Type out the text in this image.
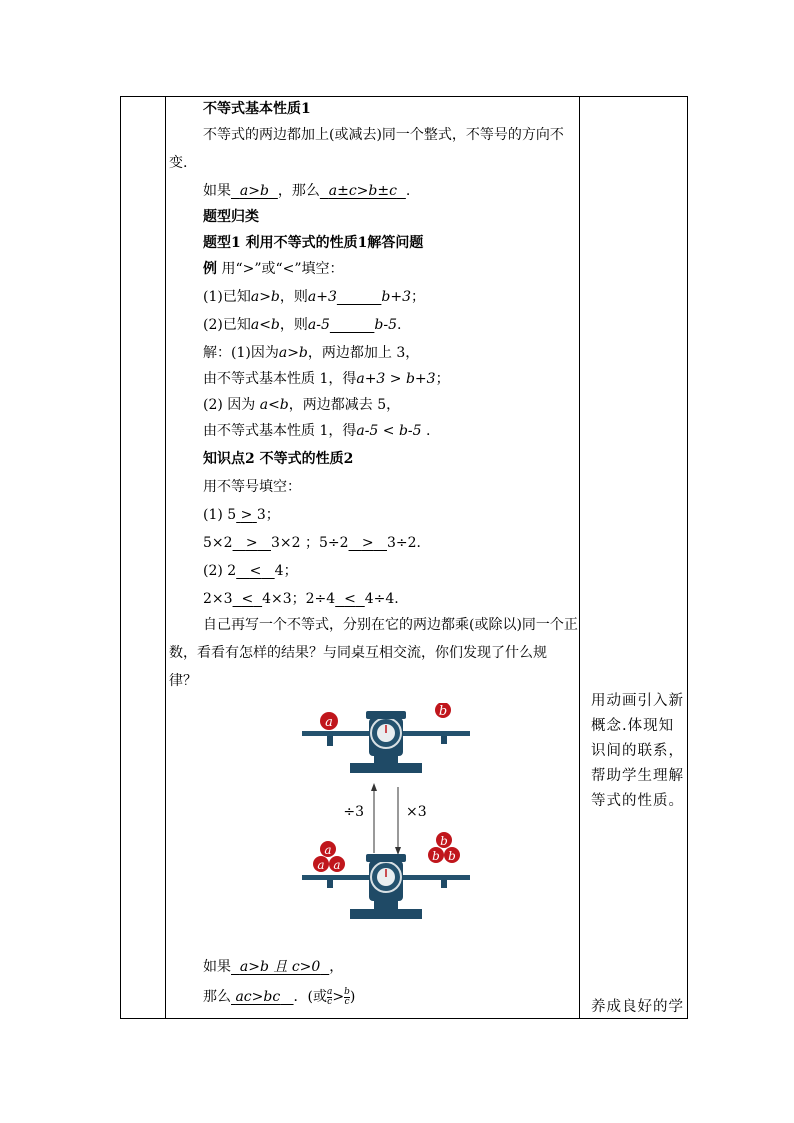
不等式基本性质1
不等式的两边都加上(或减去)同一个整式，不等号的方向不
变.
如果 a>b ，那么 a±c>b±c .
题型归类
题型1 利用不等式的性质1解答问题
例 用“>”或“<”填空：
(1)已知a>b，则a+3	b+3；
(2)已知a<b，则a-5	b-5.
解：(1)因为a>b，两边都加上 3，
由不等式基本性质 1，得a+3 > b+3；
(2) 因为 a<b，两边都减去 5，
由不等式基本性质 1，得a-5 < b-5 .
知识点2 不等式的性质2
用不等号填空：
(1) 5 > 3；
5×2 > 3×2 ；5÷2 > 3÷2．
(2) 2 < 4；
2×3 < 4×3；2÷4 < 4÷4.
自己再写一个不等式，分别在它的两边都乘(或除以)同一个正
数，看看有怎样的结果？与同桌互相交流，你们发现了什么规
律？
a
b
÷3	×3
a
a a
b
b b
如果 a>b 且 c>0 ，
那么 ac>bc ．(或 $\frac{a}{c} > \frac{b}{c}$ )
用动画引入新概念.体现知识间的联系，帮助学生理解等式的性质。
养成良好的学
